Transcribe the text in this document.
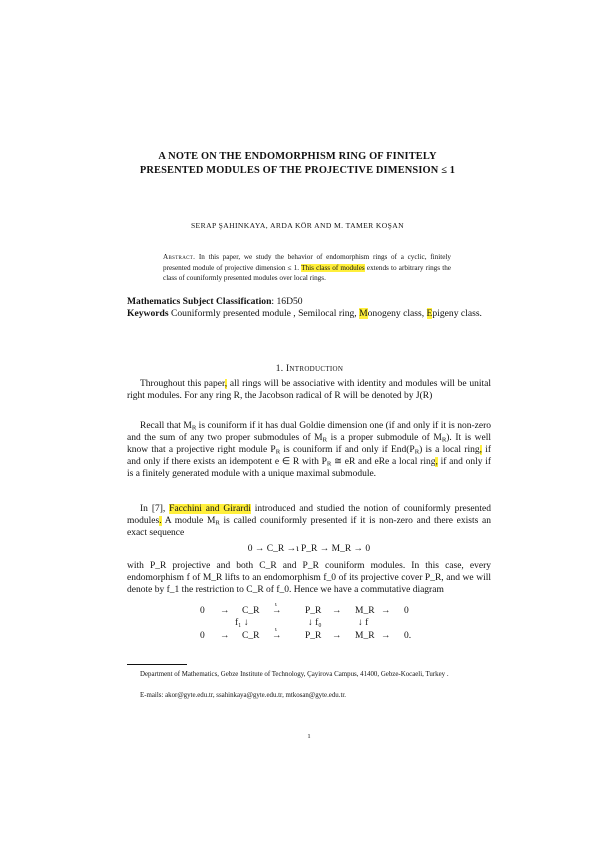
A NOTE ON THE ENDOMORPHISM RING OF FINITELY
PRESENTED MODULES OF THE PROJECTIVE DIMENSION ≤ 1
SERAP ŞAHINKAYA, ARDA KÖR AND M. TAMER KOŞAN
Abstract. In this paper, we study the behavior of endomorphism rings of a cyclic, finitely presented module of projective dimension ≤ 1. This class of modules extends to arbitrary rings the class of couniformly presented modules over local rings.
Mathematics Subject Classification: 16D50
Keywords Couniformly presented module , Semilocal ring, Monogeny class, Epigeny class.
1. Introduction
Throughout this paper, all rings will be associative with identity and modules will be unital right modules. For any ring R, the Jacobson radical of R will be denoted by J(R)
Recall that $M_R$ is couniform if it has dual Goldie dimension one (if and only if it is non-zero and the sum of any two proper submodules of $M_R$ is a proper submodule of $M_R$). It is well know that a projective right module $P_R$ is couniform if and only if $End(P_R)$ is a local ring, if and only if there exists an idempotent e ∈ R with $P_R$ ≅ eR and eRe a local ring, if and only if is a finitely generated module with a unique maximal submodule.
In [7], Facchini and Girardi introduced and studied the notion of couniformly presented modules. A module $M_R$ is called couniformly presented if it is non-zero and there exists an exact sequence
0 → C_R →ι P_R → M_R → 0
with P_R projective and both C_R and P_R couniform modules. In this case, every endomorphism f of M_R lifts to an endomorphism f_0 of its projective cover P_R, and we will denote by f_1 the restriction to C_R of f_0. Hence we have a commutative diagram
0 → C_R
ι
→ P_R → M_R → 0
f₁ ↓	↓ f₀	↓ f
0 → C_R
ι
→ P_R → M_R → 0.
Department of Mathematics, Gebze Institute of Technology, Çayirova Campus, 41400, Gebze-Kocaeli, Turkey .
E-mails: akor@gyte.edu.tr, ssahinkaya@gyte.edu.tr, mtkosan@gyte.edu.tr.
1
